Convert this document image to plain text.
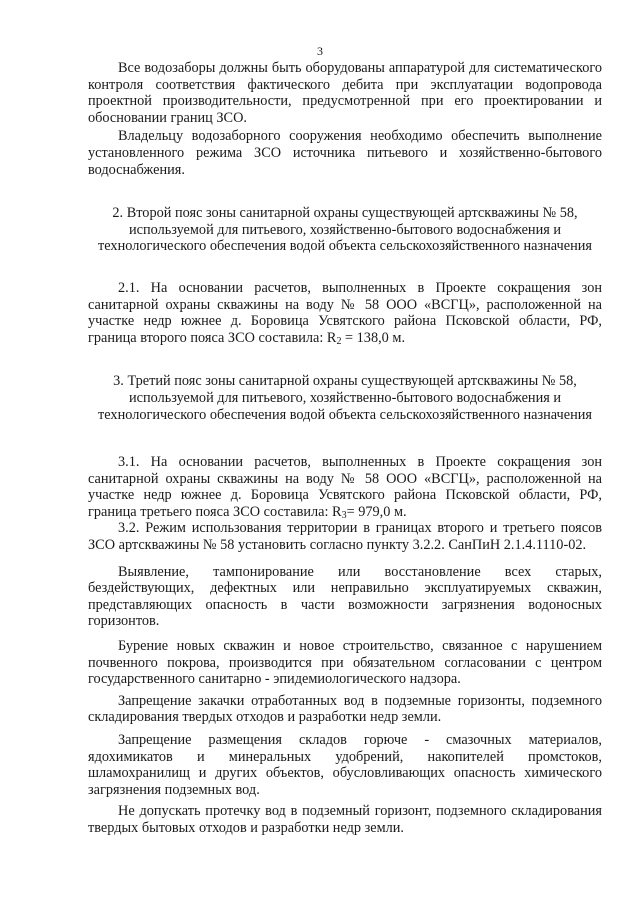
3

Все водозаборы должны быть оборудованы аппаратурой для систематического контроля соответствия фактического дебита при эксплуатации водопровода проектной производительности, предусмотренной при его проектировании и обосновании границ ЗСО.

Владельцу водозаборного сооружения необходимо обеспечить выполнение установленного режима ЗСО источника питьевого и хозяйственно-бытового водоснабжения.

2. Второй пояс зоны санитарной охраны существующей артскважины № 58, используемой для питьевого, хозяйственно-бытового водоснабжения и технологического обеспечения водой объекта сельскохозяйственного назначения

2.1. На основании расчетов, выполненных в Проекте сокращения зон санитарной охраны скважины на воду № 58 ООО «ВСГЦ», расположенной на участке недр южнее д. Боровица Усвятского района Псковской области, РФ, граница второго пояса ЗСО составила: $R_2 = 138,0$ м.

3. Третий пояс зоны санитарной охраны существующей артскважины № 58, используемой для питьевого, хозяйственно-бытового водоснабжения и технологического обеспечения водой объекта сельскохозяйственного назначения

3.1. На основании расчетов, выполненных в Проекте сокращения зон санитарной охраны скважины на воду № 58 ООО «ВСГЦ», расположенной на участке недр южнее д. Боровица Усвятского района Псковской области, РФ, граница третьего пояса ЗСО составила: $R_3= 979,0$ м.

3.2. Режим использования территории в границах второго и третьего поясов ЗСО артскважины № 58 установить согласно пункту 3.2.2. СанПиН 2.1.4.1110-02.

Выявление, тампонирование или восстановление всех старых, бездействующих, дефектных или неправильно эксплуатируемых скважин, представляющих опасность в части возможности загрязнения водоносных горизонтов.

Бурение новых скважин и новое строительство, связанное с нарушением почвенного покрова, производится при обязательном согласовании с центром государственного санитарно - эпидемиологического надзора.

Запрещение закачки отработанных вод в подземные горизонты, подземного складирования твердых отходов и разработки недр земли.

Запрещение размещения складов горюче - смазочных материалов, ядохимикатов и минеральных удобрений, накопителей промстоков, шламохранилищ и других объектов, обусловливающих опасность химического загрязнения подземных вод.

Не допускать протечку вод в подземный горизонт, подземного складирования твердых бытовых отходов и разработки недр земли.
